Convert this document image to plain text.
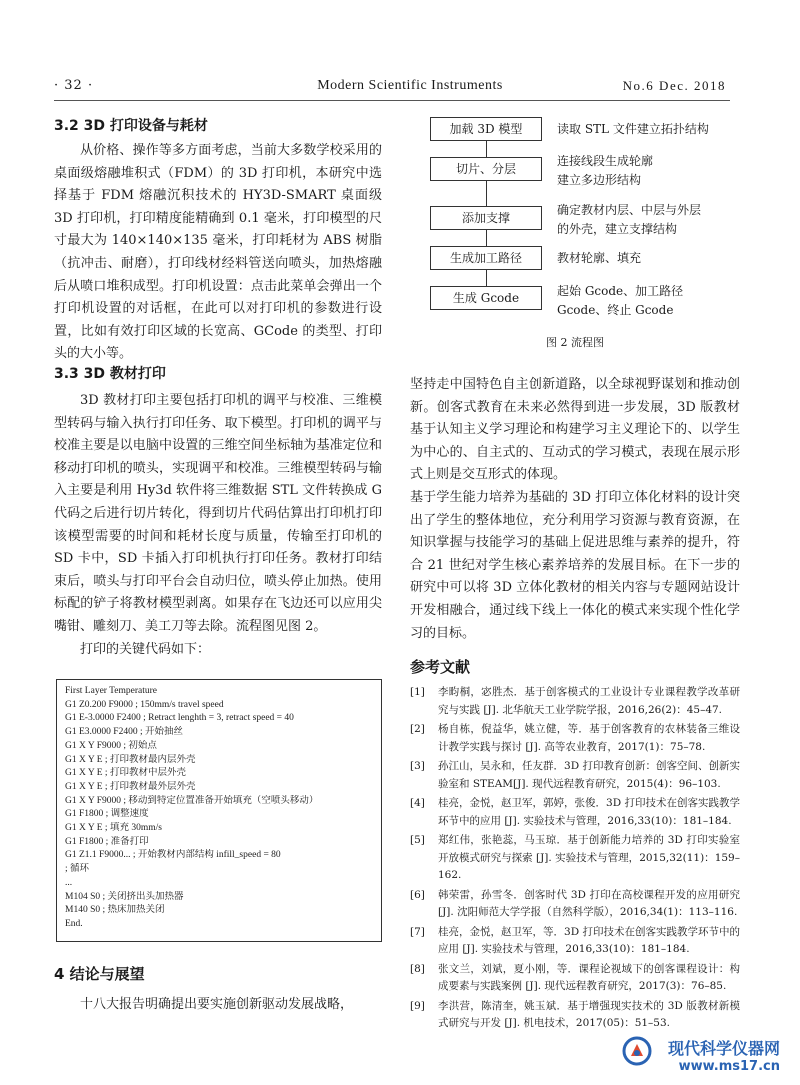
· 32 ·	Modern Scientific Instruments	No.6 Dec. 2018
3.2 3D 打印设备与耗材

从价格、操作等多方面考虑，当前大多数学校采用的桌面级熔融堆积式（FDM）的 3D 打印机，本研究中选择基于 FDM 熔融沉积技术的 HY3D-SMART 桌面级 3D 打印机，打印精度能精确到 0.1 毫米，打印模型的尺寸最大为 140×140×135 毫米，打印耗材为 ABS 树脂（抗冲击、耐磨），打印线材经料管送向喷头，加热熔融后从喷口堆积成型。打印机设置：点击此菜单会弹出一个打印机设置的对话框，在此可以对打印机的参数进行设置，比如有效打印区域的长宽高、GCode 的类型、打印头的大小等。

3.3 3D 教材打印

3D 教材打印主要包括打印机的调平与校准、三维模型转码与输入执行打印任务、取下模型。打印机的调平与校准主要是以电脑中设置的三维空间坐标轴为基准定位和移动打印机的喷头，实现调平和校准。三维模型转码与输入主要是利用 Hy3d 软件将三维数据 STL 文件转换成 G 代码之后进行切片转化，得到切片代码估算出打印机打印该模型需要的时间和耗材长度与质量，传输至打印机的 SD 卡中，SD 卡插入打印机执行打印任务。教材打印结束后，喷头与打印平台会自动归位，喷头停止加热。使用标配的铲子将教材模型剥离。如果存在飞边还可以应用尖嘴钳、雕刻刀、美工刀等去除。流程图见图 2。

打印的关键代码如下：

First Layer Temperature
G1 Z0.200 F9000 ; 150mm/s travel speed
G1 E-3.0000 F2400 ; Retract lenghth = 3, retract speed = 40
G1 E3.0000 F2400 ; 开始抽丝
G1 X Y F9000 ; 初始点
G1 X Y E ; 打印教材最内层外壳
G1 X Y E ; 打印教材中层外壳
G1 X Y E ; 打印教材最外层外壳
G1 X Y F9000 ; 移动到特定位置准备开始填充（空喷头移动）
G1 F1800 ; 调整速度
G1 X Y E ; 填充 30mm/s
G1 F1800 ; 准备打印
G1 Z1.1 F9000... ; 开始教材内部结构 infill_speed = 80
; 循环
...
M104 S0 ; 关闭挤出头加热器
M140 S0 ; 热床加热关闭
End.
4 结论与展望

十八大报告明确提出要实施创新驱动发展战略，

加载 3D 模型
切片、分层
添加支撑
生成加工路径
生成 Gcode
读取 STL 文件建立拓扑结构
连接线段生成轮廓
建立多边形结构
确定教材内层、中层与外层
的外壳，建立支撑结构
教材轮廓、填充
起始 Gcode、加工路径
Gcode、终止 Gcode
图 2 流程图

坚持走中国特色自主创新道路，以全球视野谋划和推动创新。创客式教育在未来必然得到进一步发展，3D 版教材基于认知主义学习理论和构建学习主义理论下的、以学生为中心的、自主式的、互动式的学习模式，表现在展示形式上则是交互形式的体现。

基于学生能力培养为基础的 3D 打印立体化材料的设计突出了学生的整体地位，充分利用学习资源与教育资源，在知识掌握与技能学习的基础上促进思维与素养的提升，符合 21 世纪对学生核心素养培养的发展目标。在下一步的研究中可以将 3D 立体化教材的相关内容与专题网站设计开发相融合，通过线下线上一体化的模式来实现个性化学习的目标。

参考文献
[1]	李畇桐，宓胜杰．基于创客模式的工业设计专业课程教学改革研究与实践 [J]. 北华航天工业学院学报，2016,26(2)：45–47.
[2]	杨自栋，倪益华，姚立健，等．基于创客教育的农林装备三维设计教学实践与探讨 [J]. 高等农业教育，2017(1)：75–78.
[3]	孙江山，吴永和，任友群．3D 打印教育创新：创客空间、创新实验室和 STEAM[J]. 现代远程教育研究，2015(4)：96–103.
[4]	桂亮，金悦，赵卫军，郭婷，张俊．3D 打印技术在创客实践教学环节中的应用 [J]. 实验技术与管理，2016,33(10)：181–184.
[5]	郑红伟，张艳蕊，马玉琼．基于创新能力培养的 3D 打印实验室开放模式研究与探索 [J]. 实验技术与管理，2015,32(11)：159–162.
[6]	韩荣雷，孙雪冬．创客时代 3D 打印在高校课程开发的应用研究 [J]. 沈阳师范大学学报（自然科学版），2016,34(1)：113–116.
[7]	桂亮，金悦，赵卫军，等．3D 打印技术在创客实践教学环节中的应用 [J]. 实验技术与管理，2016,33(10)：181–184.
[8]	张文兰，刘斌，夏小刚，等．课程论视域下的创客课程设计：构成要素与实践案例 [J]. 现代远程教育研究，2017(3)：76–85.
[9]	李洪营，陈清奎，姚玉斌．基于增强现实技术的 3D 版教材新模式研究与开发 [J]. 机电技术，2017(05)：51–53.
现代科学仪器网
www.ms17.cn
